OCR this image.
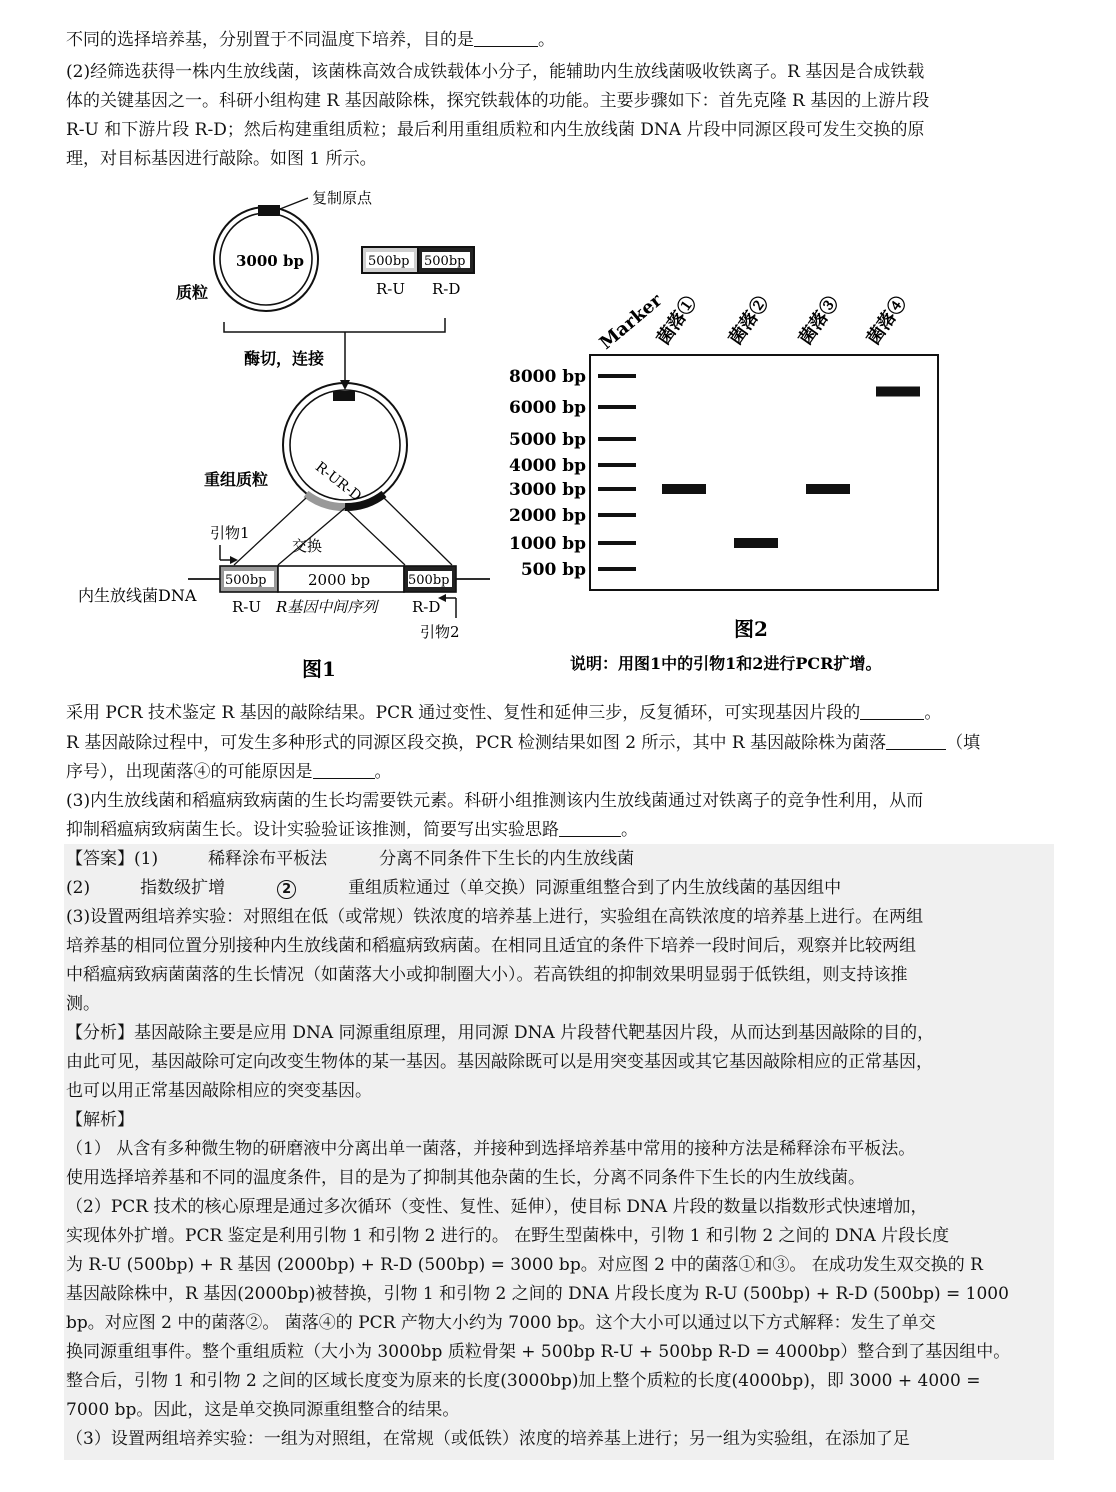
不同的选择培养基，分别置于不同温度下培养，目的是	。

(2)经筛选获得一株内生放线菌，该菌株高效合成铁载体小分子，能辅助内生放线菌吸收铁离子。R 基因是合成铁载

体的关键基因之一。科研小组构建 R 基因敲除株，探究铁载体的功能。主要步骤如下：首先克隆 R 基因的上游片段

R-U 和下游片段 R-D；然后构建重组质粒；最后利用重组质粒和内生放线菌 DNA 片段中同源区段可发生交换的原

理，对目标基因进行敲除。如图 1 所示。

复制原点
3000 bp
质粒
500bp 500bp
R-U R-D
酶切，连接
R-UR-D
重组质粒
交换
引物1
500bp	2000 bp	500bp
内生放线菌DNA
R-U R基因中间序列 R-D
引物2
图1
Marker
菌落① 菌落② 菌落③ 菌落④
8000 bp
6000 bp
5000 bp
4000 bp
3000 bp
2000 bp
1000 bp
500 bp
图2
说明：用图1中的引物1和2进行PCR扩增。

采用 PCR 技术鉴定 R 基因的敲除结果。PCR 通过变性、复性和延伸三步，反复循环，可实现基因片段的	。

R 基因敲除过程中，可发生多种形式的同源区段交换，PCR 检测结果如图 2 所示，其中 R 基因敲除株为菌落	（填

序号），出现菌落④的可能原因是	。

(3)内生放线菌和稻瘟病致病菌的生长均需要铁元素。科研小组推测该内生放线菌通过对铁离子的竞争性利用，从而

抑制稻瘟病致病菌生长。设计实验验证该推测，简要写出实验思路	。

【答案】(1)	稀释涂布平板法	分离不同条件下生长的内生放线菌

(2)	指数级扩增	2	重组质粒通过（单交换）同源重组整合到了内生放线菌的基因组中

(3)设置两组培养实验：对照组在低（或常规）铁浓度的培养基上进行，实验组在高铁浓度的培养基上进行。在两组

培养基的相同位置分别接种内生放线菌和稻瘟病致病菌。在相同且适宜的条件下培养一段时间后，观察并比较两组

中稻瘟病致病菌菌落的生长情况（如菌落大小或抑制圈大小）。若高铁组的抑制效果明显弱于低铁组，则支持该推

测。

【分析】基因敲除主要是应用 DNA 同源重组原理，用同源 DNA 片段替代靶基因片段，从而达到基因敲除的目的，

由此可见，基因敲除可定向改变生物体的某一基因。基因敲除既可以是用突变基因或其它基因敲除相应的正常基因，

也可以用正常基因敲除相应的突变基因。

【解析】

（1） 从含有多种微生物的研磨液中分离出单一菌落，并接种到选择培养基中常用的接种方法是稀释涂布平板法。

使用选择培养基和不同的温度条件，目的是为了抑制其他杂菌的生长，分离不同条件下生长的内生放线菌。

（2）PCR 技术的核心原理是通过多次循环（变性、复性、延伸），使目标 DNA 片段的数量以指数形式快速增加，

实现体外扩增。PCR 鉴定是利用引物 1 和引物 2 进行的。 在野生型菌株中，引物 1 和引物 2 之间的 DNA 片段长度

为 R-U (500bp) + R 基因 (2000bp) + R-D (500bp) = 3000 bp。对应图 2 中的菌落①和③。 在成功发生双交换的 R

基因敲除株中，R 基因(2000bp)被替换，引物 1 和引物 2 之间的 DNA 片段长度为 R-U (500bp) + R-D (500bp) = 1000

bp。对应图 2 中的菌落②。 菌落④的 PCR 产物大小约为 7000 bp。这个大小可以通过以下方式解释：发生了单交

换同源重组事件。整个重组质粒（大小为 3000bp 质粒骨架 + 500bp R-U + 500bp R-D = 4000bp）整合到了基因组中。

整合后，引物 1 和引物 2 之间的区域长度变为原来的长度(3000bp)加上整个质粒的长度(4000bp)，即 3000 + 4000 =

7000 bp。因此，这是单交换同源重组整合的结果。

（3）设置两组培养实验：一组为对照组，在常规（或低铁）浓度的培养基上进行；另一组为实验组，在添加了足
